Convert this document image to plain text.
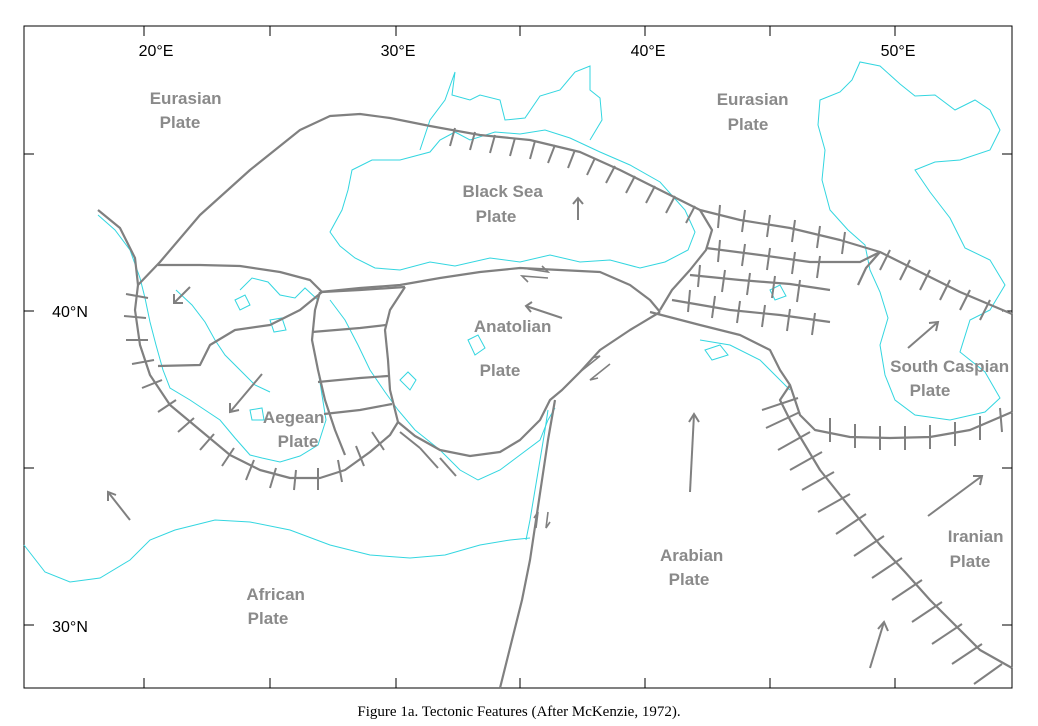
20°E	30°E	40°E	50°E
40°N
30°N
Eurasian Plate
Eurasian Plate
Black Sea Plate
Anatolian Plate
Aegean Plate
South Caspian Plate
Arabian Plate
African Plate
Iranian Plate
Figure 1a. Tectonic Features (After McKenzie, 1972).
